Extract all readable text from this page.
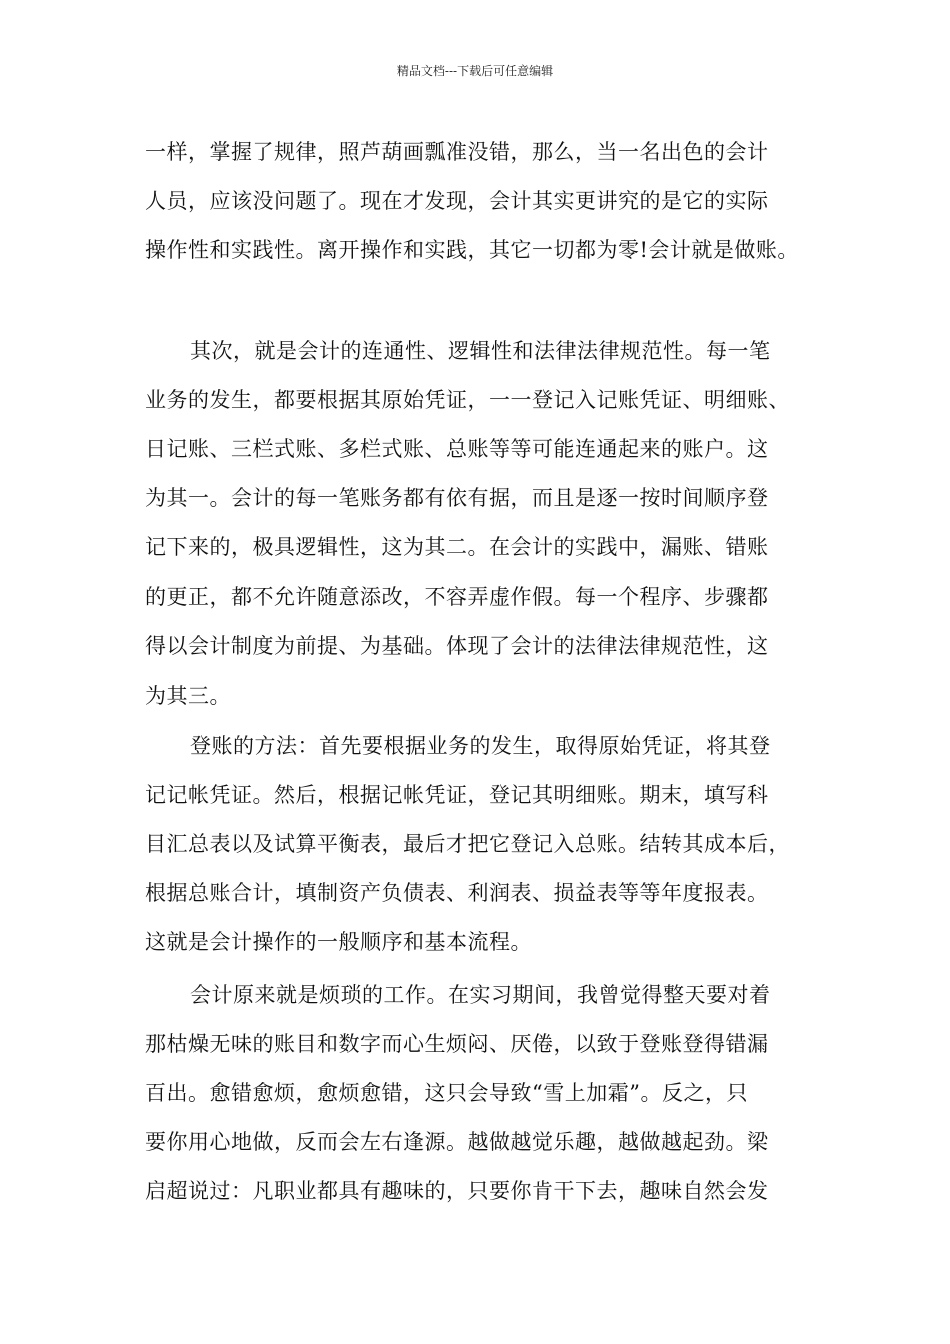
精品文档---下载后可任意编辑
一样，掌握了规律，照芦葫画瓢准没错，那么，当一名出色的会计
人员，应该没问题了。现在才发现，会计其实更讲究的是它的实际
操作性和实践性。离开操作和实践，其它一切都为零!会计就是做账。
其次，就是会计的连通性、逻辑性和法律法律规范性。每一笔
业务的发生，都要根据其原始凭证，一一登记入记账凭证、明细账、
日记账、三栏式账、多栏式账、总账等等可能连通起来的账户。这
为其一。会计的每一笔账务都有依有据，而且是逐一按时间顺序登
记下来的，极具逻辑性，这为其二。在会计的实践中，漏账、错账
的更正，都不允许随意添改，不容弄虚作假。每一个程序、步骤都
得以会计制度为前提、为基础。体现了会计的法律法律规范性，这
为其三。
登账的方法：首先要根据业务的发生，取得原始凭证，将其登
记记帐凭证。然后，根据记帐凭证，登记其明细账。期末，填写科
目汇总表以及试算平衡表，最后才把它登记入总账。结转其成本后，
根据总账合计，填制资产负债表、利润表、损益表等等年度报表。
这就是会计操作的一般顺序和基本流程。
会计原来就是烦琐的工作。在实习期间，我曾觉得整天要对着
那枯燥无味的账目和数字而心生烦闷、厌倦，以致于登账登得错漏
百出。愈错愈烦，愈烦愈错，这只会导致“雪上加霜”。反之，只
要你用心地做，反而会左右逢源。越做越觉乐趣，越做越起劲。梁
启超说过：凡职业都具有趣味的，只要你肯干下去，趣味自然会发
